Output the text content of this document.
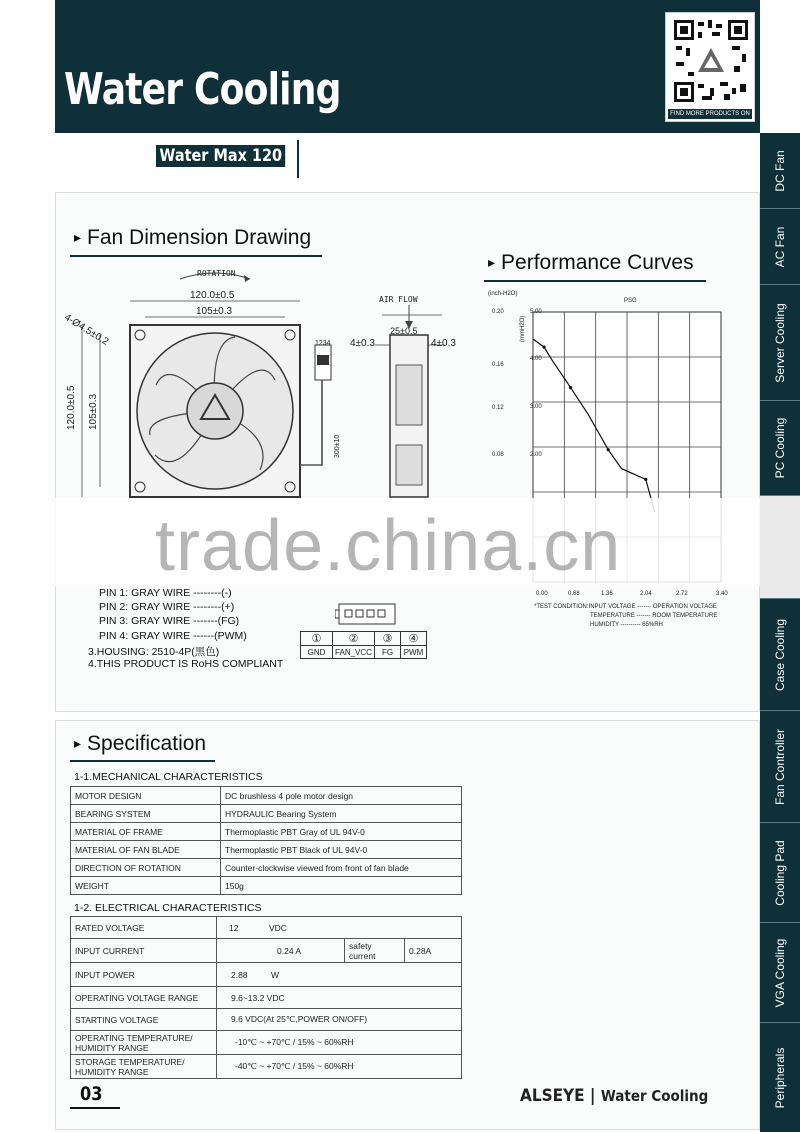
Water Cooling	FIND MORE PRODUCTS ON
Water Max 120	DC Fan
AC Fan
Server Cooling
PC Cooling
Case Cooling
Fan Controller
Cooling Pad
VGA Cooling
Peripherals
▸ Fan Dimension Drawing
▸ Performance Curves
ROTATION
120.0±0.5
105±0.3
4-Ø4.5±0.2
120.0±0.5 105±0.3
AIR FLOW
25±0.5
4±0.3	4±0.3
1234
300±10
(inch-H2O)
(mmH2O)
PSG
*TEST CONDITION:INPUT VOLTAGE ------- OPERATION VOLTAGE
TEMPERATURE ------- ROOM TEMPERATURE
HUMIDITY ---------- 65%RH
trade.china.cn
PIN 1: GRAY WIRE --------(-)
PIN 2: GRAY WIRE --------(+)
PIN 3: GRAY WIRE -------(FG)
PIN 4: GRAY WIRE ------(PWM)
3.HOUSING: 2510-4P(黑色)
4.THIS PRODUCT IS RoHS COMPLIANT
①	②	③	④
GND	FAN_VCC	FG	PWM
▸ Specification
1-1.MECHANICAL CHARACTERISTICS
MOTOR DESIGN	DC brushless 4 pole motor design
BEARING SYSTEM	HYDRAULIC Bearing System
MATERIAL OF FRAME	Thermoplastic PBT Gray of UL 94V-0
MATERIAL OF FAN BLADE	Thermoplastic PBT Black of UL 94V-0
DIRECTION OF ROTATION	Counter-clockwise viewed from front of fan blade
WEIGHT	150g
1-2. ELECTRICAL CHARACTERISTICS
RATED VOLTAGE	12 VDC		
INPUT CURRENT	0.24 A	safety current	0.28A
INPUT POWER	2.88 W		
OPERATING VOLTAGE RANGE	9.6~13.2 VDC		
STARTING VOLTAGE	9.6 VDC(At 25℃,POWER ON/OFF)		
OPERATING TEMPERATURE/
HUMIDITY RANGE	-10℃ ~ +70℃ / 15% ~ 60%RH		
STORAGE TEMPERATURE/
HUMIDITY RANGE	-40℃ ~ +70℃ / 15% ~ 60%RH		
03	ALSEYE | Water Cooling
0.20
0.16
0.12
0.08
5.00
4.00
3.00
2.00
0.00	0.68	1.36	2.04	2.72	3.40
